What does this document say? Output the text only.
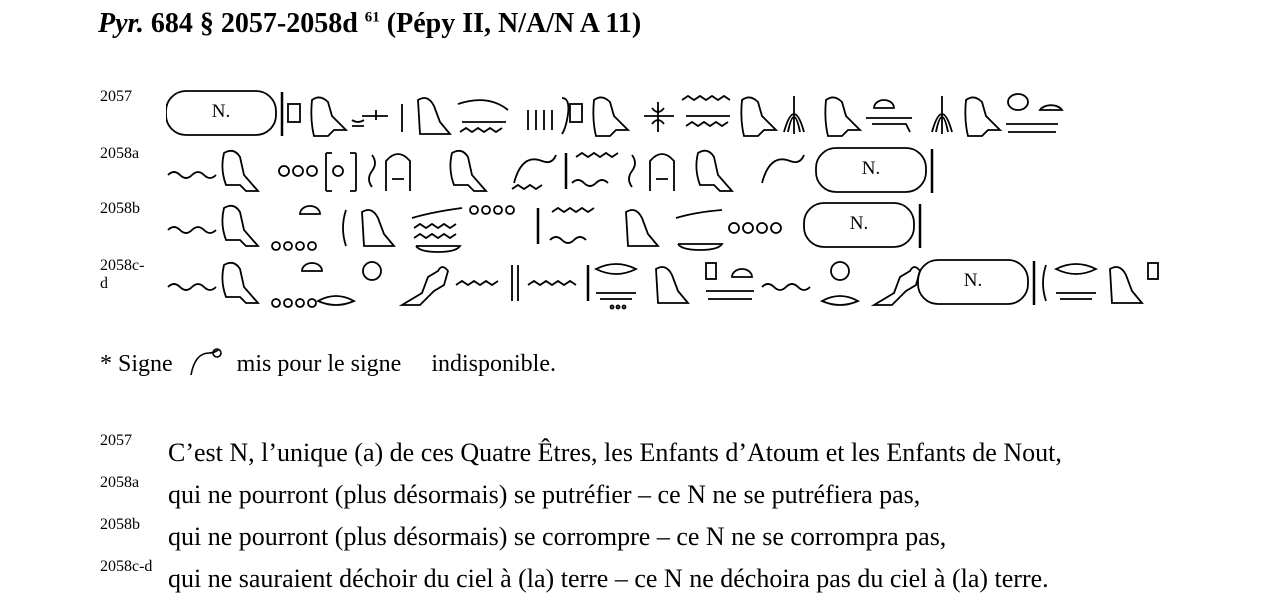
Pyr. 684 § 2057-2058d $^{61}$ (Pépy II, N/A/N A 11)
2057
N.
2058a
N.
2058b
N.
2058c-d	N.
* Signe	mis pour le signe indisponible.
2057 C’est N, l’unique (a) de ces Quatre Êtres, les Enfants d’Atoum et les Enfants de Nout,
2058a qui ne pourront (plus désormais) se putréfier – ce N ne se putréfiera pas,
2058b qui ne pourront (plus désormais) se corrompre – ce N ne se corrompra pas,
2058c-d qui ne sauraient déchoir du ciel à (la) terre – ce N ne déchoira pas du ciel à (la) terre.
